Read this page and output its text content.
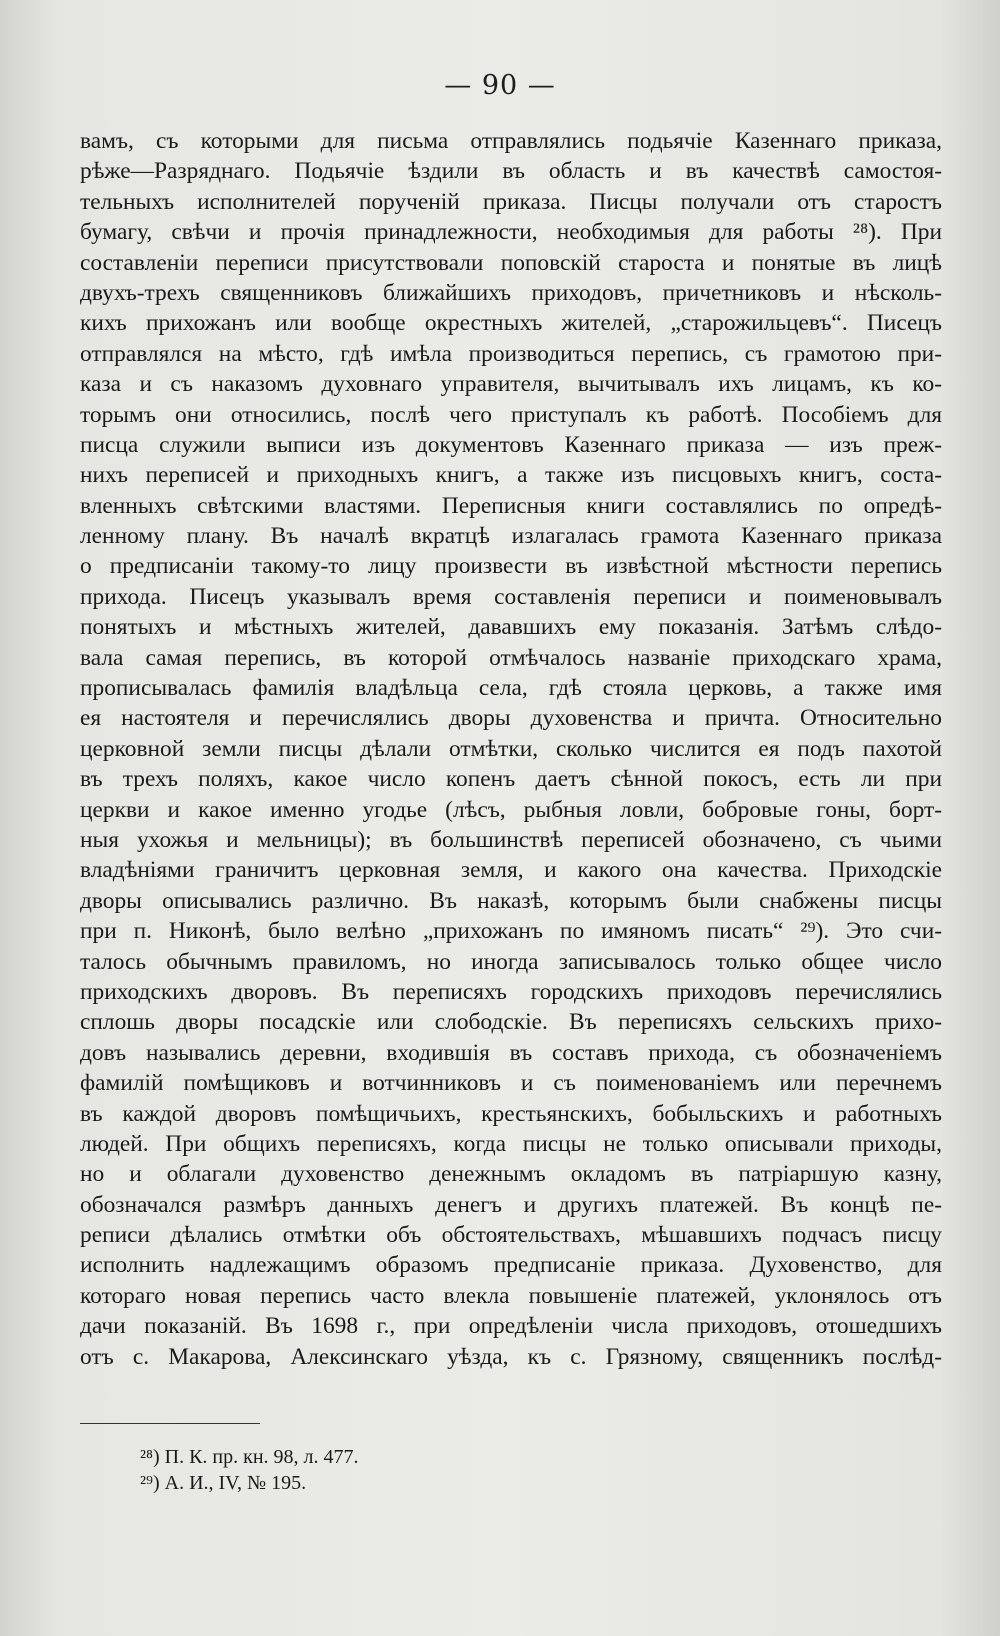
— 90 —
вамъ, съ которыми для письма отправлялись подьячіе Казеннаго приказа,
рѣже—Разряднаго. Подьячіе ѣздили въ область и въ качествѣ самостоя-
тельныхъ исполнителей порученій приказа. Писцы получали отъ старостъ
бумагу, свѣчи и прочія принадлежности, необходимыя для работы ²⁸). При
составленіи переписи присутствовали поповскій староста и понятые въ лицѣ
двухъ-трехъ священниковъ ближайшихъ приходовъ, причетниковъ и нѣсколь-
кихъ прихожанъ или вообще окрестныхъ жителей, „старожильцевъ“. Писецъ
отправлялся на мѣсто, гдѣ имѣла производиться перепись, съ грамотою при-
каза и съ наказомъ духовнаго управителя, вычитывалъ ихъ лицамъ, къ ко-
торымъ они относились, послѣ чего приступалъ къ работѣ. Пособіемъ для
писца служили выписи изъ документовъ Казеннаго приказа — изъ преж-
нихъ переписей и приходныхъ книгъ, а также изъ писцовыхъ книгъ, соста-
вленныхъ свѣтскими властями. Переписныя книги составлялись по опредѣ-
ленному плану. Въ началѣ вкратцѣ излагалась грамота Казеннаго приказа
о предписаніи такому-то лицу произвести въ извѣстной мѣстности перепись
прихода. Писецъ указывалъ время составленія переписи и поименовывалъ
понятыхъ и мѣстныхъ жителей, дававшихъ ему показанія. Затѣмъ слѣдо-
вала самая перепись, въ которой отмѣчалось названіе приходскаго храма,
прописывалась фамилія владѣльца села, гдѣ стояла церковь, а также имя
ея настоятеля и перечислялись дворы духовенства и причта. Относительно
церковной земли писцы дѣлали отмѣтки, сколько числится ея подъ пахотой
въ трехъ поляхъ, какое число копенъ даетъ сѣнной покосъ, есть ли при
церкви и какое именно угодье (лѣсъ, рыбныя ловли, бобровые гоны, борт-
ныя ухожья и мельницы); въ большинствѣ переписей обозначено, съ чьими
владѣніями граничитъ церковная земля, и какого она качества. Приходскіе
дворы описывались различно. Въ наказѣ, которымъ были снабжены писцы
при п. Никонѣ, было велѣно „прихожанъ по имяномъ писать“ ²⁹). Это счи-
талось обычнымъ правиломъ, но иногда записывалось только общее число
приходскихъ дворовъ. Въ переписяхъ городскихъ приходовъ перечислялись
сплошь дворы посадскіе или слободскіе. Въ переписяхъ сельскихъ прихо-
довъ назывались деревни, входившія въ составъ прихода, съ обозначеніемъ
фамилій помѣщиковъ и вотчинниковъ и съ поименованіемъ или перечнемъ
въ каждой дворовъ помѣщичьихъ, крестьянскихъ, бобыльскихъ и работныхъ
людей. При общихъ переписяхъ, когда писцы не только описывали приходы,
но и облагали духовенство денежнымъ окладомъ въ патріаршую казну,
обозначался размѣръ данныхъ денегъ и другихъ платежей. Въ концѣ пе-
реписи дѣлались отмѣтки объ обстоятельствахъ, мѣшавшихъ подчасъ писцу
исполнить надлежащимъ образомъ предписаніе приказа. Духовенство, для
котораго новая перепись часто влекла повышеніе платежей, уклонялось отъ
дачи показаній. Въ 1698 г., при опредѣленіи числа приходовъ, отошедшихъ
отъ с. Макарова, Алексинскаго уѣзда, къ с. Грязному, священникъ послѣд-
²⁸) П. К. пр. кн. 98, л. 477.
²⁹) А. И., IV, № 195.
